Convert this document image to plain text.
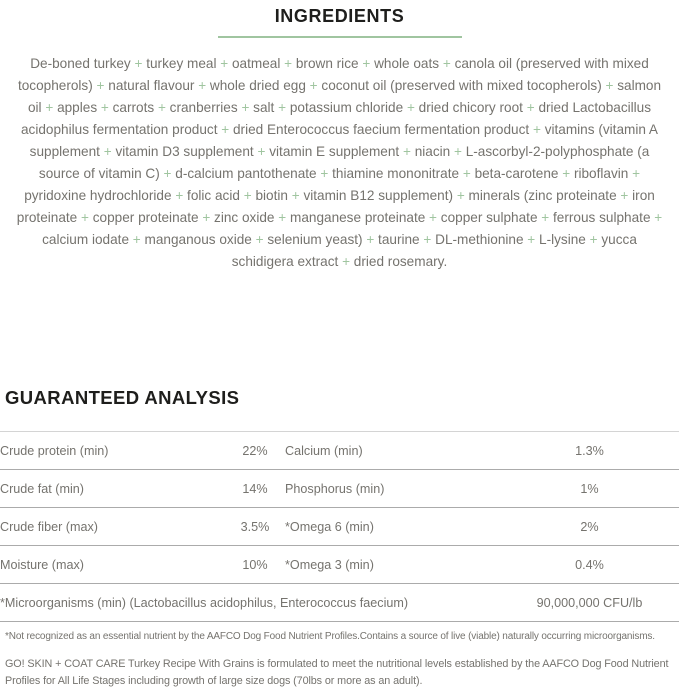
INGREDIENTS

De-boned turkey + turkey meal + oatmeal + brown rice + whole oats + canola oil (preserved with mixed tocopherols) + natural flavour + whole dried egg + coconut oil (preserved with mixed tocopherols) + salmon oil + apples + carrots + cranberries + salt + potassium chloride + dried chicory root + dried Lactobacillus acidophilus fermentation product + dried Enterococcus faecium fermentation product + vitamins (vitamin A supplement + vitamin D3 supplement + vitamin E supplement + niacin + L-ascorbyl-2-polyphosphate (a source of vitamin C) + d-calcium pantothenate + thiamine mononitrate + beta-carotene + riboflavin + pyridoxine hydrochloride + folic acid + biotin + vitamin B12 supplement) + minerals (zinc proteinate + iron proteinate + copper proteinate + zinc oxide + manganese proteinate + copper sulphate + ferrous sulphate + calcium iodate + manganous oxide + selenium yeast) + taurine + DL-methionine + L-lysine + yucca schidigera extract + dried rosemary.

GUARANTEED ANALYSIS
Crude protein (min)	22%	Calcium (min)	1.3%
Crude fat (min)	14%	Phosphorus (min)	1%
Crude fiber (max)	3.5%	*Omega 6 (min)	2%
Moisture (max)	10%	*Omega 3 (min)	0.4%
*Microorganisms (min) (Lactobacillus acidophilus, Enterococcus faecium)			90,000,000 CFU/lb

*Not recognized as an essential nutrient by the AAFCO Dog Food Nutrient Profiles.Contains a source of live (viable) naturally occurring microorganisms.

GO! SKIN + COAT CARE Turkey Recipe With Grains is formulated to meet the nutritional levels established by the AAFCO Dog Food Nutrient Profiles for All Life Stages including growth of large size dogs (70lbs or more as an adult).
